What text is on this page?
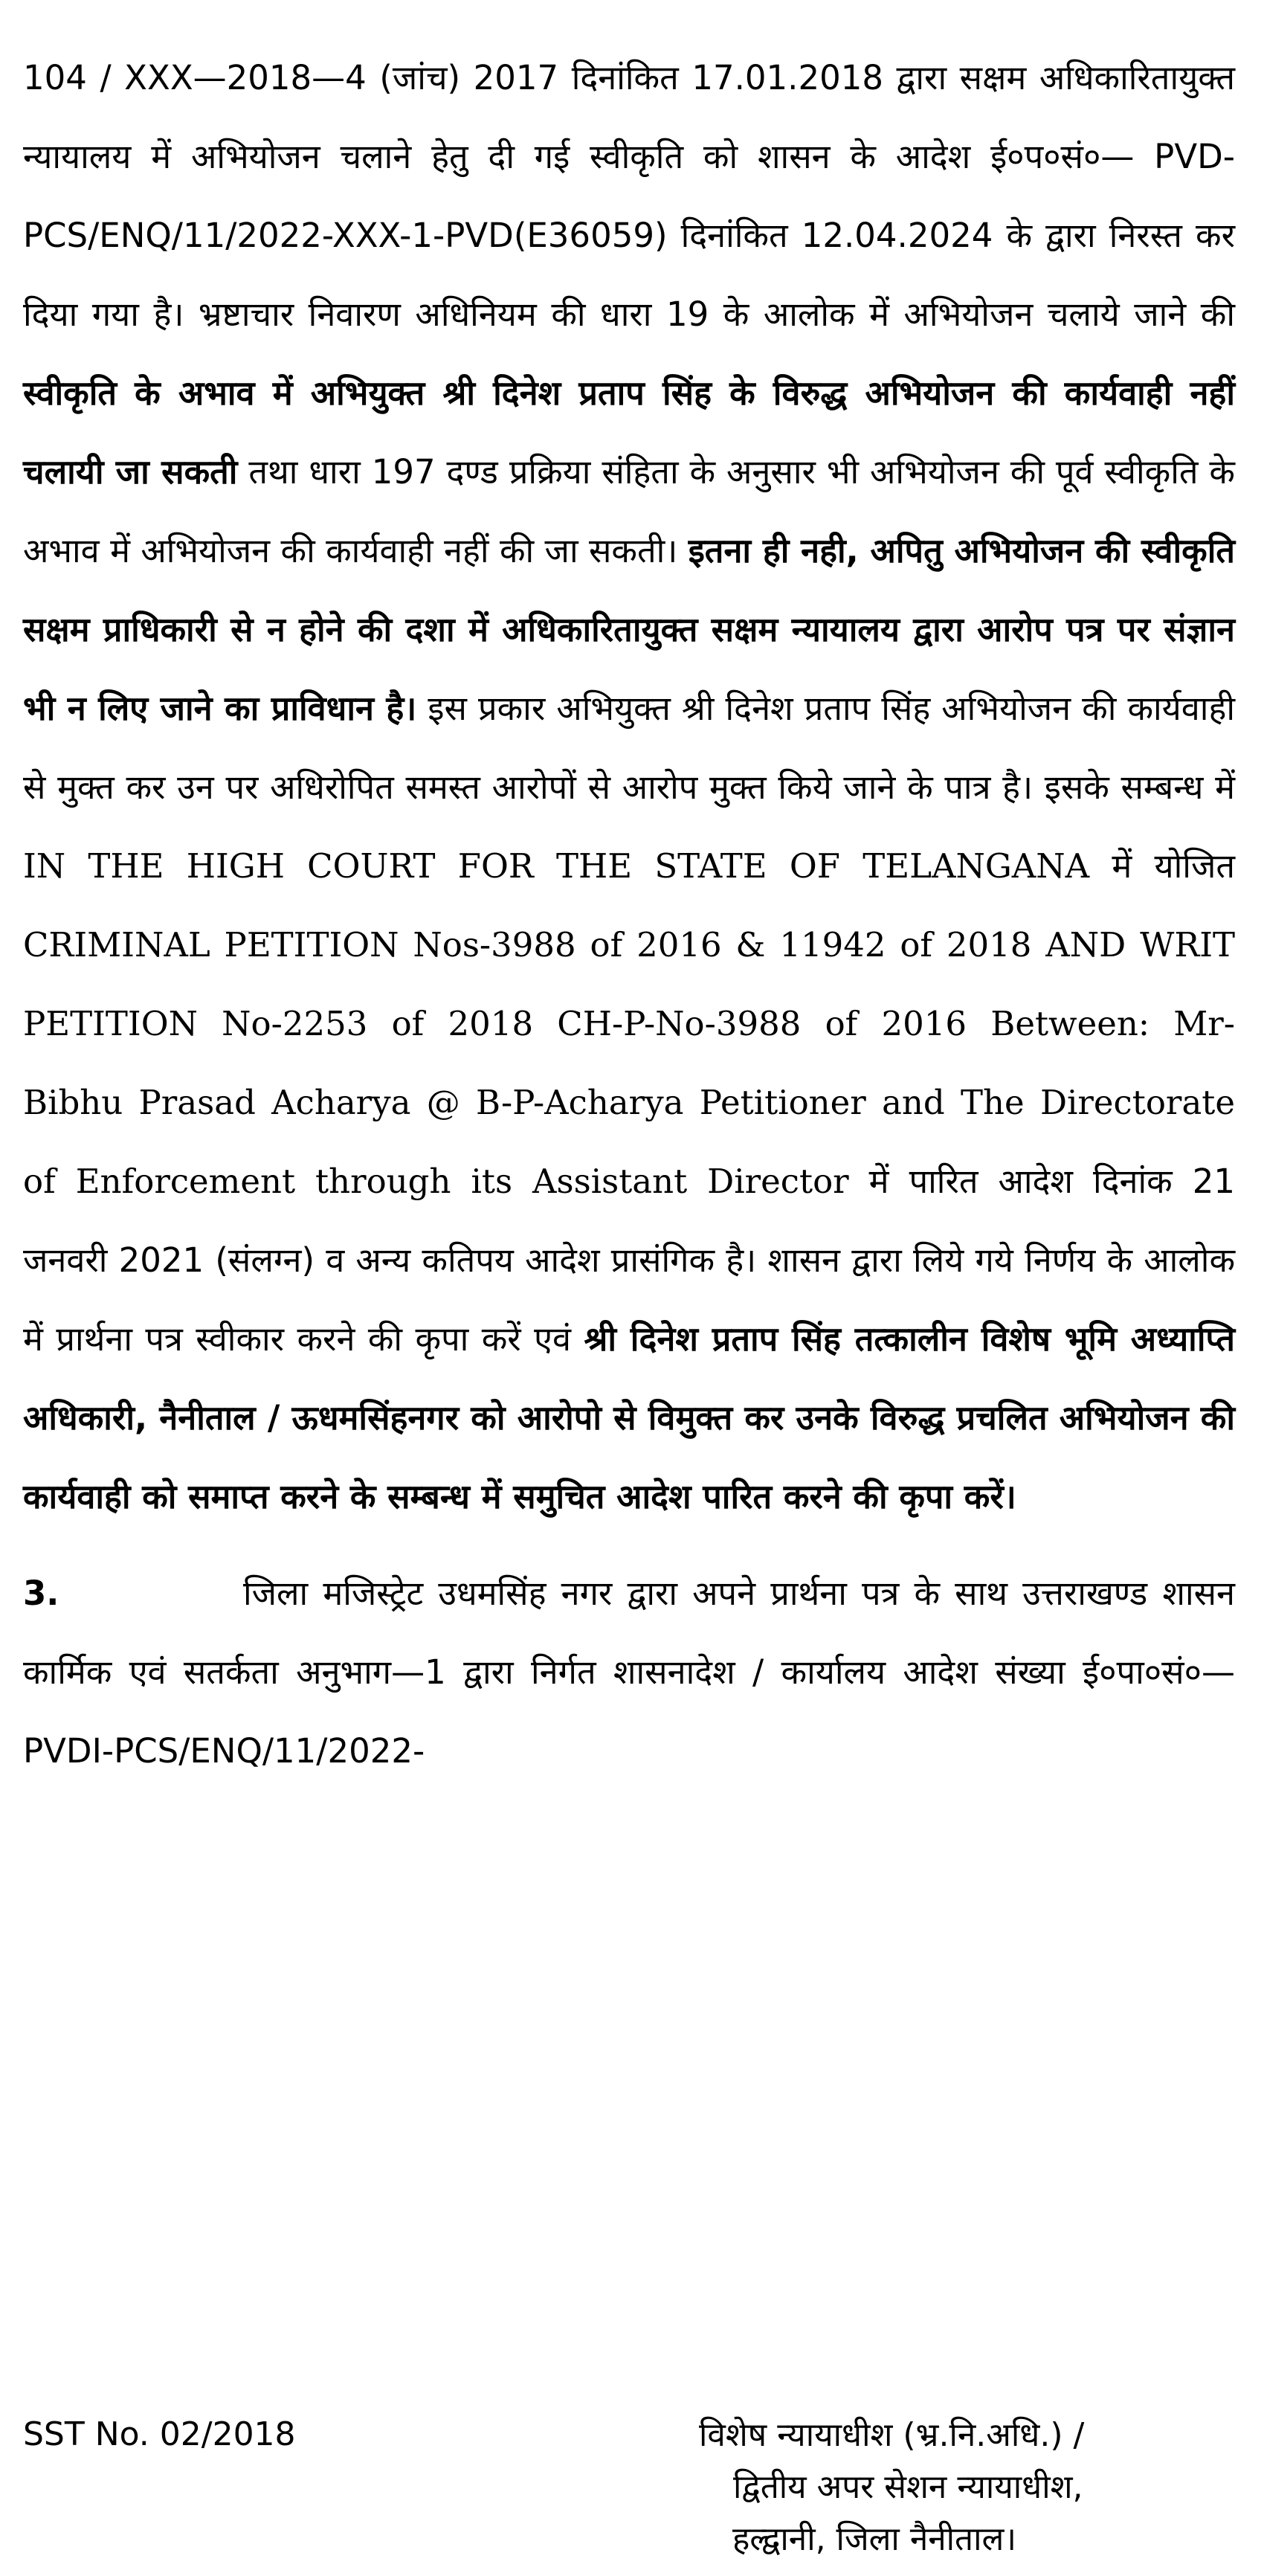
104 / XXX—2018—4 (जांच) 2017 दिनांकित 17.01.2018 द्वारा सक्षम अधिकारितायुक्त न्यायालय में अभियोजन चलाने हेतु दी गई स्वीकृति को शासन के आदेश ई०प०सं०— PVD-PCS/ENQ/11/2022-XXX-1-PVD(E36059) दिनांकित 12.04.2024 के द्वारा निरस्त कर दिया गया है। भ्रष्टाचार निवारण अधिनियम की धारा 19 के आलोक में अभियोजन चलाये जाने की स्वीकृति के अभाव में अभियुक्त श्री दिनेश प्रताप सिंह के विरुद्ध अभियोजन की कार्यवाही नहीं चलायी जा सकती तथा धारा 197 दण्ड प्रक्रिया संहिता के अनुसार भी अभियोजन की पूर्व स्वीकृति के अभाव में अभियोजन की कार्यवाही नहीं की जा सकती। इतना ही नही, अपितु अभियोजन की स्वीकृति सक्षम प्राधिकारी से न होने की दशा में अधिकारितायुक्त सक्षम न्यायालय द्वारा आरोप पत्र पर संज्ञान भी न लिए जाने का प्राविधान है। इस प्रकार अभियुक्त श्री दिनेश प्रताप सिंह अभियोजन की कार्यवाही से मुक्त कर उन पर अधिरोपित समस्त आरोपों से आरोप मुक्त किये जाने के पात्र है। इसके सम्बन्ध में IN THE HIGH COURT FOR THE STATE OF TELANGANA में योजित CRIMINAL PETITION Nos-3988 of 2016 & 11942 of 2018 AND WRIT PETITION No-2253 of 2018 CH-P-No-3988 of 2016 Between: Mr- Bibhu Prasad Acharya @ B-P-Acharya Petitioner and The Directorate of Enforcement through its Assistant Director में पारित आदेश दिनांक 21 जनवरी 2021 (संलग्न) व अन्य कतिपय आदेश प्रासंगिक है। शासन द्वारा लिये गये निर्णय के आलोक में प्रार्थना पत्र स्वीकार करने की कृपा करें एवं श्री दिनेश प्रताप सिंह तत्कालीन विशेष भूमि अध्याप्ति अधिकारी, नैनीताल / ऊधमसिंहनगर को आरोपो से विमुक्त कर उनके विरुद्ध प्रचलित अभियोजन की कार्यवाही को समाप्त करने के सम्बन्ध में समुचित आदेश पारित करने की कृपा करें।

3.	जिला मजिस्ट्रेट उधमसिंह नगर द्वारा अपने प्रार्थना पत्र के साथ उत्तराखण्ड शासन कार्मिक एवं सतर्कता अनुभाग—1 द्वारा निर्गत शासनादेश / कार्यालय आदेश संख्या ई०पा०सं०—PVDI-PCS/ENQ/11/2022-

SST No. 02/2018	विशेष न्यायाधीश (भ्र.नि.अधि.) /
द्वितीय अपर सेशन न्यायाधीश,
हल्द्वानी, जिला नैनीताल।
